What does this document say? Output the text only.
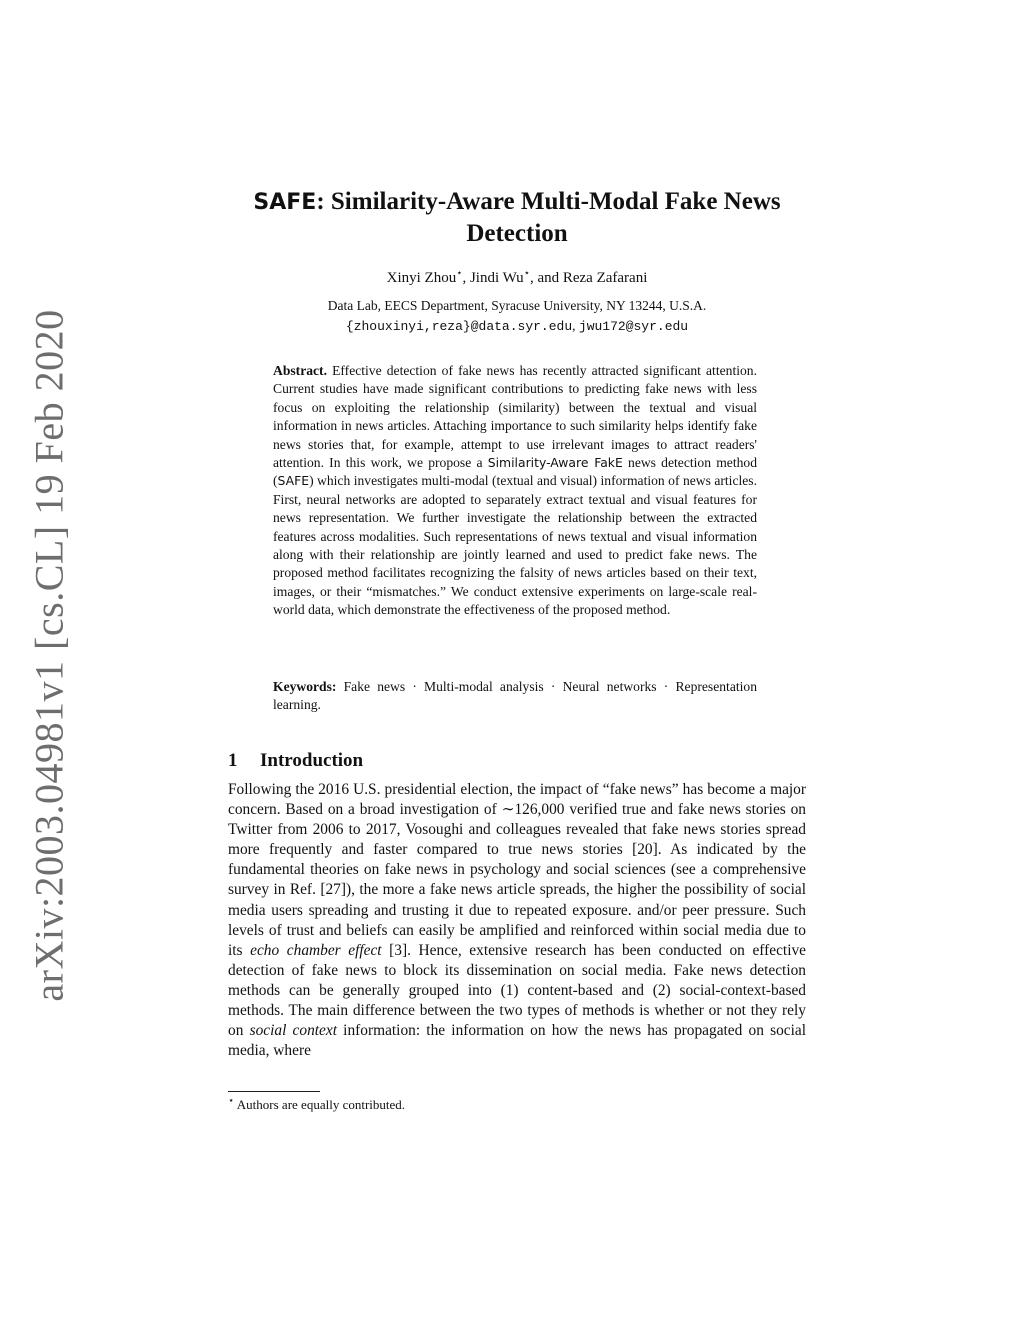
arXiv:2003.04981v1 [cs.CL] 19 Feb 2020
SAFE: Similarity-Aware Multi-Modal Fake News
Detection
Xinyi Zhou⋆, Jindi Wu⋆, and Reza Zafarani
Data Lab, EECS Department, Syracuse University, NY 13244, U.S.A.
{zhouxinyi,reza}@data.syr.edu, jwu172@syr.edu

Abstract. Effective detection of fake news has recently attracted significant attention. Current studies have made significant contributions to predicting fake news with less focus on exploiting the relationship (similarity) between the textual and visual information in news articles. Attaching importance to such similarity helps identify fake news stories that, for example, attempt to use irrelevant images to attract readers' attention. In this work, we propose a Similarity-Aware FakE news detection method (SAFE) which investigates multi-modal (textual and visual) information of news articles. First, neural networks are adopted to separately extract textual and visual features for news representation. We further investigate the relationship between the extracted features across modalities. Such representations of news textual and visual information along with their relationship are jointly learned and used to predict fake news. The proposed method facilitates recognizing the falsity of news articles based on their text, images, or their “mismatches.” We conduct extensive experiments on large-scale real-world data, which demonstrate the effectiveness of the proposed method.

Keywords: Fake news · Multi-modal analysis · Neural networks · Representation learning.

1 Introduction

Following the 2016 U.S. presidential election, the impact of “fake news” has become a major concern. Based on a broad investigation of ∼126,000 verified true and fake news stories on Twitter from 2006 to 2017, Vosoughi and colleagues revealed that fake news stories spread more frequently and faster compared to true news stories [20]. As indicated by the fundamental theories on fake news in psychology and social sciences (see a comprehensive survey in Ref. [27]), the more a fake news article spreads, the higher the possibility of social media users spreading and trusting it due to repeated exposure. and/or peer pressure. Such levels of trust and beliefs can easily be amplified and reinforced within social media due to its echo chamber effect [3]. Hence, extensive research has been conducted on effective detection of fake news to block its dissemination on social media. Fake news detection methods can be generally grouped into (1) content-based and (2) social-context-based methods. The main difference between the two types of methods is whether or not they rely on social context information: the information on how the news has propagated on social media, where

⋆ Authors are equally contributed.
